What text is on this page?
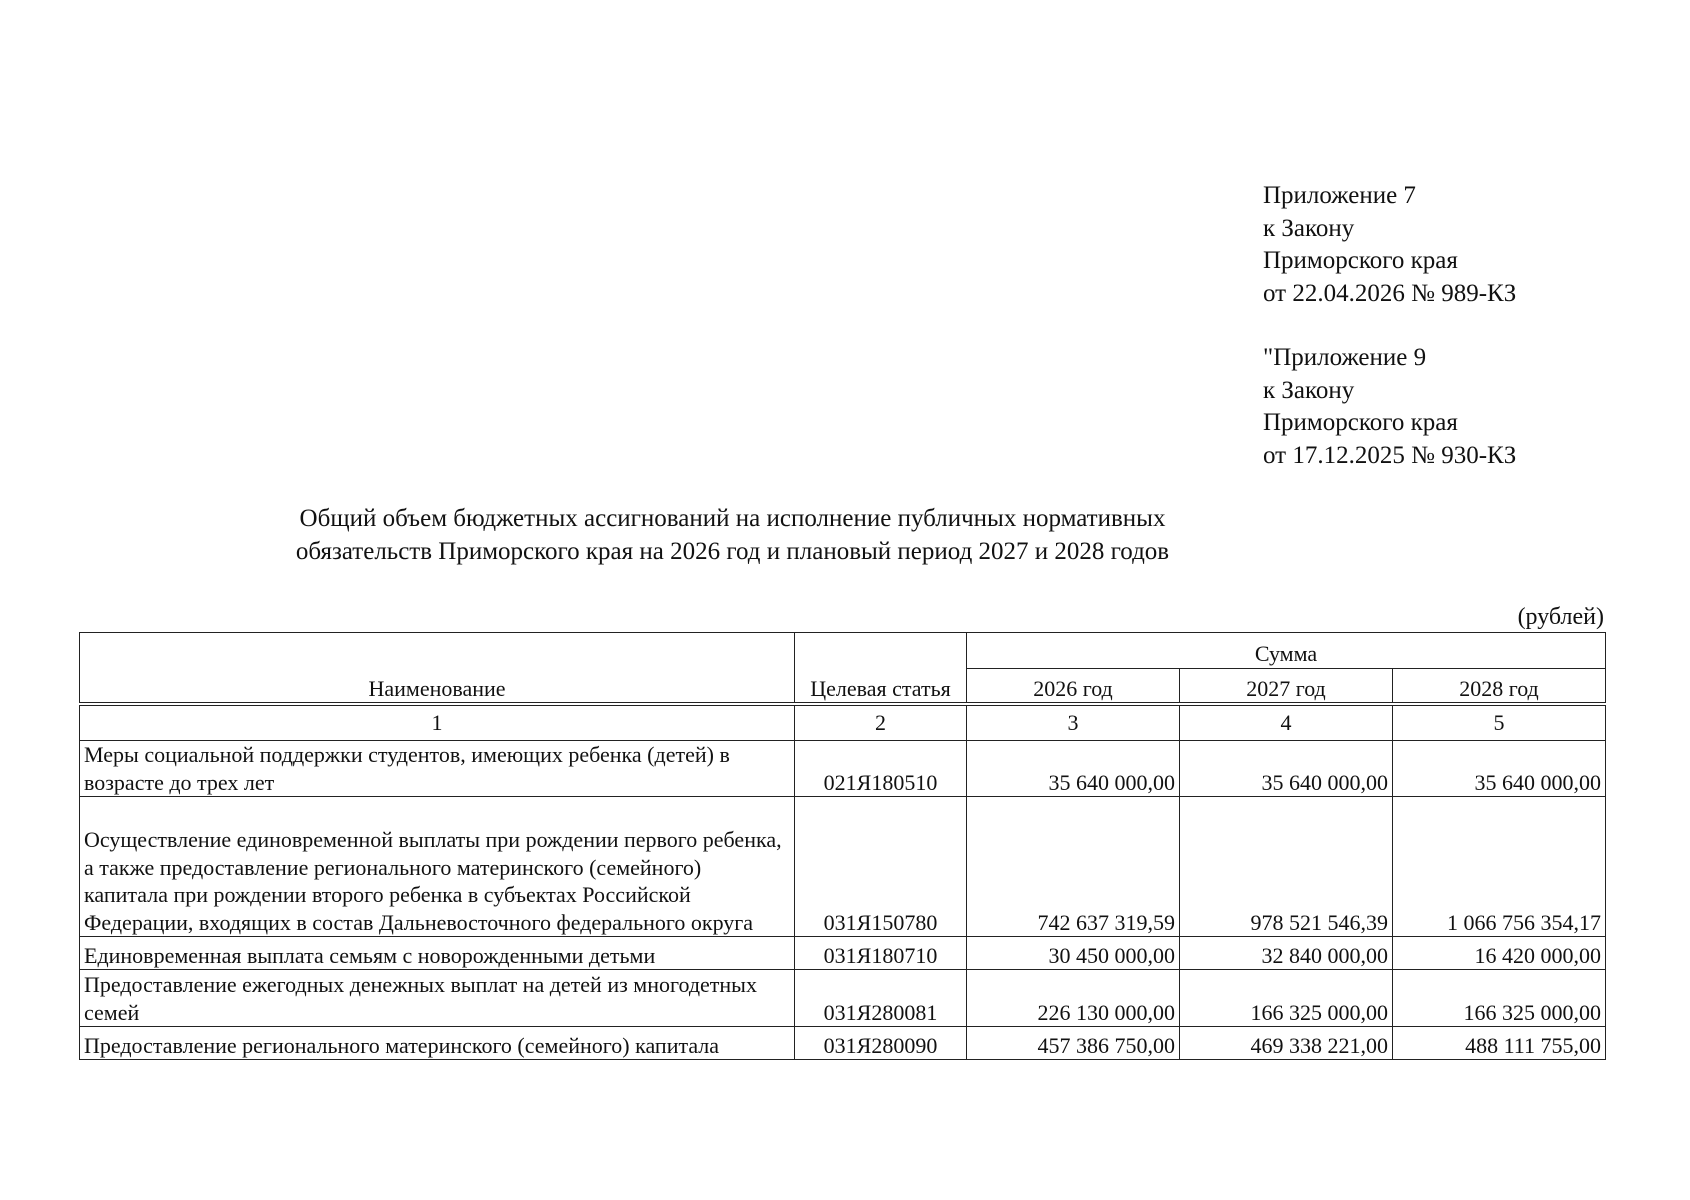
Приложение 7
к Закону
Приморского края
от 22.04.2026 № 989-КЗ
"Приложение 9
к Закону
Приморского края
от 17.12.2025 № 930-КЗ
Общий объем бюджетных ассигнований на исполнение публичных нормативных
обязательств Приморского края на 2026 год и плановый период 2027 и 2028 годов
(рублей)
Наименование	Целевая статья	Сумма		
		2026 год	2027 год	2028 год

1	2	3	4	5
Меры социальной поддержки студентов, имеющих ребенка (детей) в возрасте до трех лет	021Я180510	35 640 000,00	35 640 000,00	35 640 000,00
Осуществление единовременной выплаты при рождении первого ребенка, а также предоставление регионального материнского (семейного) капитала при рождении второго ребенка в субъектах Российской Федерации, входящих в состав Дальневосточного федерального округа	031Я150780	742 637 319,59	978 521 546,39	1 066 756 354,17
Единовременная выплата семьям с новорожденными детьми	031Я180710	30 450 000,00	32 840 000,00	16 420 000,00
Предоставление ежегодных денежных выплат на детей из многодетных семей	031Я280081	226 130 000,00	166 325 000,00	166 325 000,00
Предоставление регионального материнского (семейного) капитала	031Я280090	457 386 750,00	469 338 221,00	488 111 755,00
